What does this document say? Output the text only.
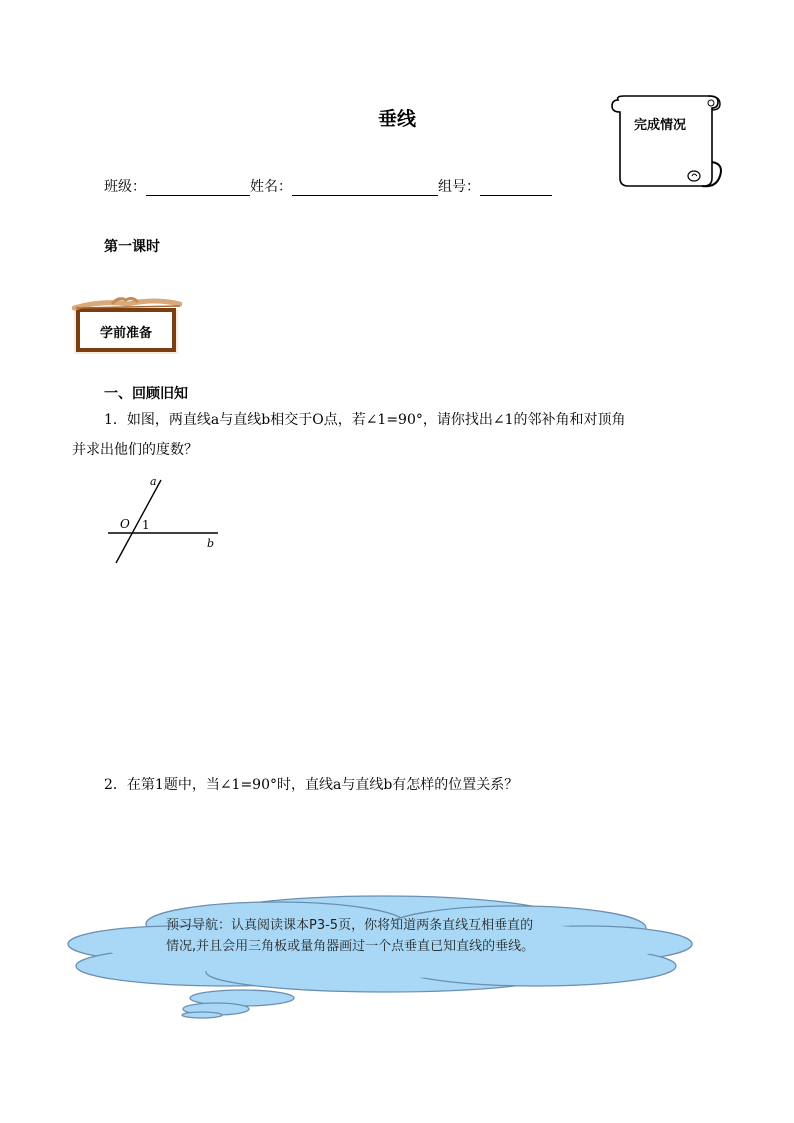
垂线	完成情况
班级：	姓名：	组号：
第一课时
学前准备
一、回顾旧知
1．如图，两直线a与直线b相交于O点，若∠1=90°，请你找出∠1的邻补角和对顶角
并求出他们的度数？
a
O 1
b
2．在第1题中，当∠1=90°时，直线a与直线b有怎样的位置关系？
预习导航：认真阅读课本P3-5页，你将知道两条直线互相垂直的
情况,并且会用三角板或量角器画过一个点垂直已知直线的垂线。
